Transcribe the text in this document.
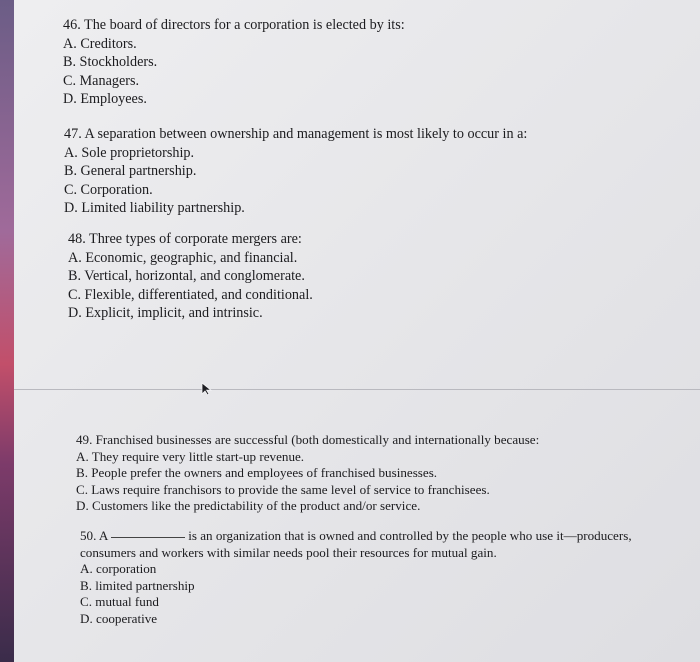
46. The board of directors for a corporation is elected by its:
A. Creditors.
B. Stockholders.
C. Managers.
D. Employees.
47. A separation between ownership and management is most likely to occur in a:
A. Sole proprietorship.
B. General partnership.
C. Corporation.
D. Limited liability partnership.
48. Three types of corporate mergers are:
A. Economic, geographic, and financial.
B. Vertical, horizontal, and conglomerate.
C. Flexible, differentiated, and conditional.
D. Explicit, implicit, and intrinsic.
49. Franchised businesses are successful (both domestically and internationally because:
A. They require very little start-up revenue.
B. People prefer the owners and employees of franchised businesses.
C. Laws require franchisors to provide the same level of service to franchisees.
D. Customers like the predictability of the product and/or service.
50. A	is an organization that is owned and controlled by the people who use it—producers,
consumers and workers with similar needs pool their resources for mutual gain.
A. corporation
B. limited partnership
C. mutual fund
D. cooperative
